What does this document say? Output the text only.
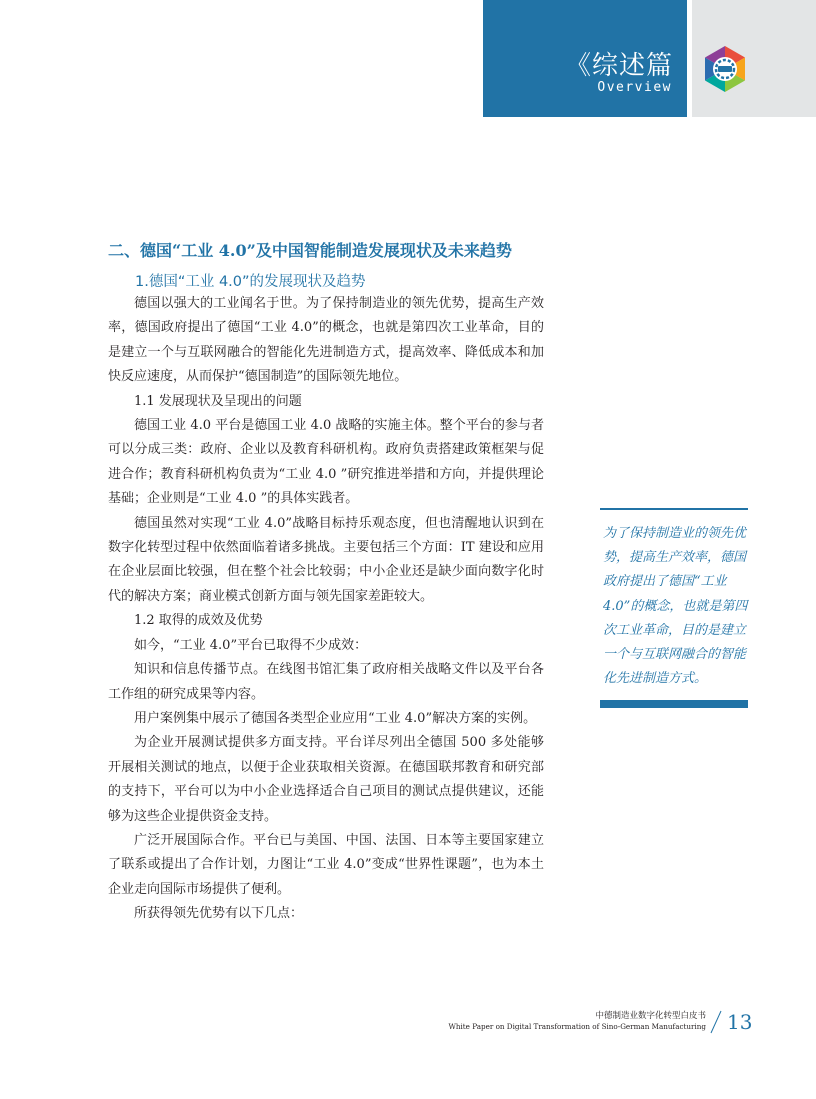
《综述篇
Overview
二、德国“工业 4.0”及中国智能制造发展现状及未来趋势
1.德国“工业 4.0”的发展现状及趋势

德国以强大的工业闻名于世。为了保持制造业的领先优势，提高生产效率，德国政府提出了德国“工业 4.0”的概念，也就是第四次工业革命，目的是建立一个与互联网融合的智能化先进制造方式，提高效率、降低成本和加快反应速度，从而保护“德国制造”的国际领先地位。

1.1 发展现状及呈现出的问题

德国工业 4.0 平台是德国工业 4.0 战略的实施主体。整个平台的参与者可以分成三类：政府、企业以及教育科研机构。政府负责搭建政策框架与促进合作；教育科研机构负责为“工业 4.0 ”研究推进举措和方向，并提供理论基础；企业则是“工业 4.0 ”的具体实践者。

德国虽然对实现“工业 4.0”战略目标持乐观态度，但也清醒地认识到在数字化转型过程中依然面临着诸多挑战。主要包括三个方面：IT 建设和应用在企业层面比较强，但在整个社会比较弱；中小企业还是缺少面向数字化时代的解决方案；商业模式创新方面与领先国家差距较大。

1.2 取得的成效及优势

如今，“工业 4.0”平台已取得不少成效：

知识和信息传播节点。在线图书馆汇集了政府相关战略文件以及平台各工作组的研究成果等内容。

用户案例集中展示了德国各类型企业应用“工业 4.0”解决方案的实例。

为企业开展测试提供多方面支持。平台详尽列出全德国 500 多处能够开展相关测试的地点，以便于企业获取相关资源。在德国联邦教育和研究部的支持下，平台可以为中小企业选择适合自己项目的测试点提供建议，还能够为这些企业提供资金支持。

广泛开展国际合作。平台已与美国、中国、法国、日本等主要国家建立了联系或提出了合作计划，力图让“工业 4.0”变成“世界性课题”，也为本土企业走向国际市场提供了便利。

所获得领先优势有以下几点：

为了保持制造业的领先优势，提高生产效率，德国政府提出了德国“工业 4.0”的概念，也就是第四次工业革命，目的是建立一个与互联网融合的智能化先进制造方式。
中德制造业数字化转型白皮书
White Paper on Digital Transformation of Sino-German Manufacturing 13
